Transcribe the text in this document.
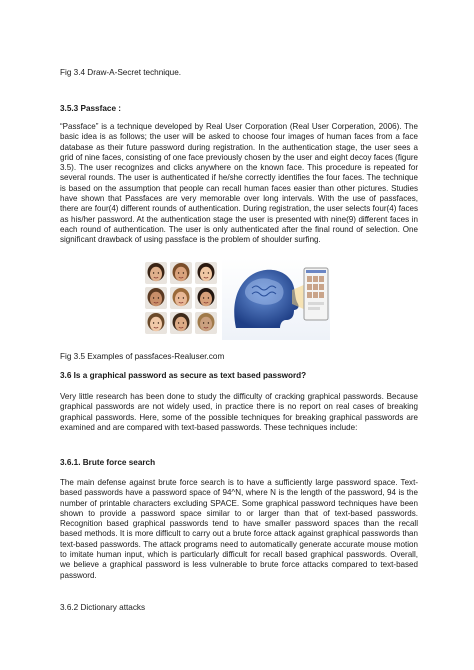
Fig 3.4 Draw-A-Secret technique.

3.5.3 Passface :

“Passface” is a technique developed by Real User Corporation (Real User Corperation, 2006). The basic idea is as follows; the user will be asked to choose four images of human faces from a face database as their future password during registration. In the authentication stage, the user sees a grid of nine faces, consisting of one face previously chosen by the user and eight decoy faces (figure 3.5). The user recognizes and clicks anywhere on the known face. This procedure is repeated for several rounds. The user is authenticated if he/she correctly identifies the four faces. The technique is based on the assumption that people can recall human faces easier than other pictures. Studies have shown that Passfaces are very memorable over long intervals. With the use of passfaces, there are four(4) different rounds of authentication. During registration, the user selects four(4) faces as his/her password. At the authentication stage the user is presented with nine(9) different faces in each round of authentication. The user is only authenticated after the final round of selection. One significant drawback of using passface is the problem of shoulder surfing.

Fig 3.5 Examples of passfaces-Realuser.com

3.6 Is a graphical password as secure as text based password?

Very little research has been done to study the difficulty of cracking graphical passwords. Because graphical passwords are not widely used, in practice there is no report on real cases of breaking graphical passwords. Here, some of the possible techniques for breaking graphical passwords are examined and are compared with text-based passwords. These techniques include:

3.6.1. Brute force search

The main defense against brute force search is to have a sufficiently large password space. Text-based passwords have a password space of 94^N, where N is the length of the password, 94 is the number of printable characters excluding SPACE. Some graphical password techniques have been shown to provide a password space similar to or larger than that of text-based passwords. Recognition based graphical passwords tend to have smaller password spaces than the recall based methods. It is more difficult to carry out a brute force attack against graphical passwords than text-based passwords. The attack programs need to automatically generate accurate mouse motion to imitate human input, which is particularly difficult for recall based graphical passwords. Overall, we believe a graphical password is less vulnerable to brute force attacks compared to text-based password.

3.6.2 Dictionary attacks
